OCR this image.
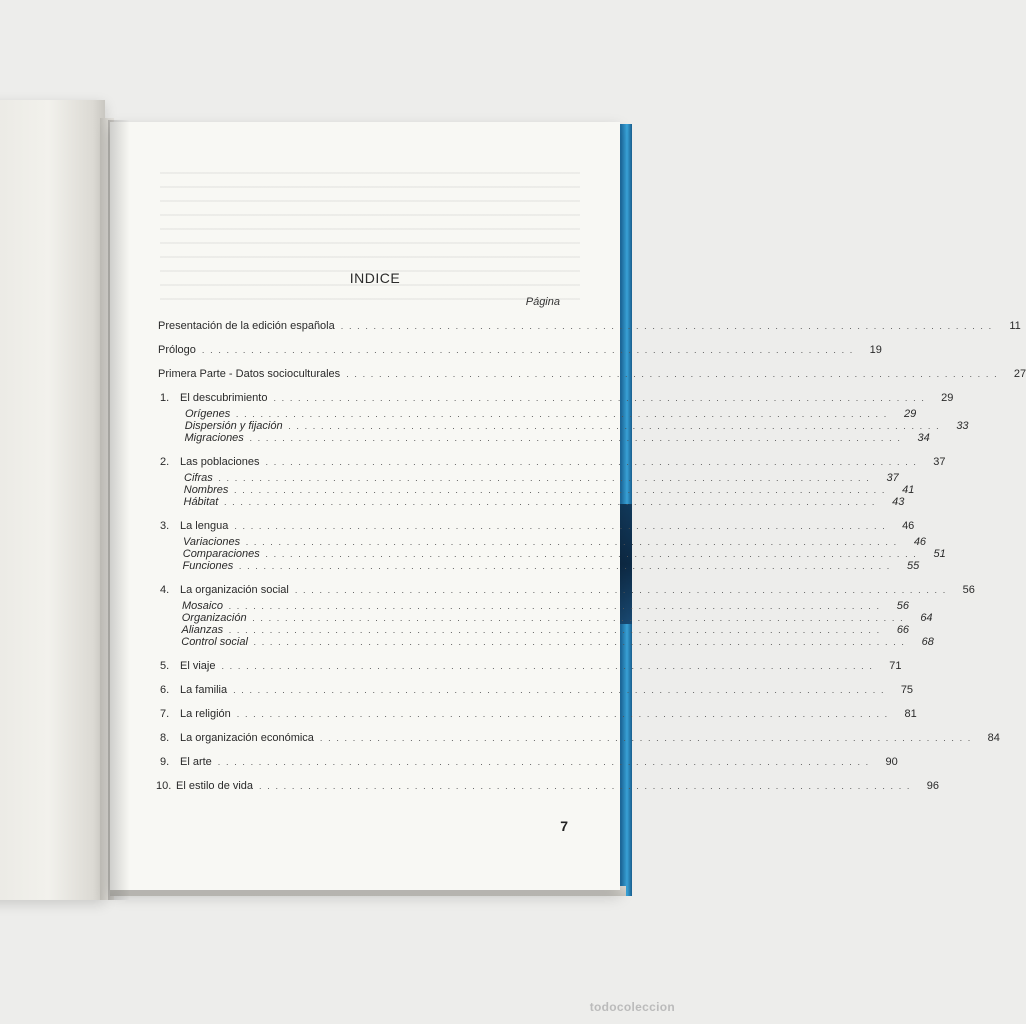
INDICE
Página
Presentación de la edición española . . . . . . . . . . . . . . . . . . . . . . . . . . . . . . . . . . . . . . . . . . . . . . . . . . . . . . . . . . . . . . . . . . . . . . . . . . . . . . . .	11
Prólogo . . . . . . . . . . . . . . . . . . . . . . . . . . . . . . . . . . . . . . . . . . . . . . . . . . . . . . . . . . . . . . . . . . . . . . . . . . . . . . . .	19
Primera Parte - Datos socioculturales . . . . . . . . . . . . . . . . . . . . . . . . . . . . . . . . . . . . . . . . . . . . . . . . . . . . . . . . . . . . . . . . . . . . . . . . . . . . . . . .	27
1. El descubrimiento . . . . . . . . . . . . . . . . . . . . . . . . . . . . . . . . . . . . . . . . . . . . . . . . . . . . . . . . . . . . . . . . . . . . . . . . . . . . . . . .	29
Orígenes . . . . . . . . . . . . . . . . . . . . . . . . . . . . . . . . . . . . . . . . . . . . . . . . . . . . . . . . . . . . . . . . . . . . . . . . . . . . . . . .	29
Dispersión y fijación . . . . . . . . . . . . . . . . . . . . . . . . . . . . . . . . . . . . . . . . . . . . . . . . . . . . . . . . . . . . . . . . . . . . . . . . . . . . . . . .	33
Migraciones . . . . . . . . . . . . . . . . . . . . . . . . . . . . . . . . . . . . . . . . . . . . . . . . . . . . . . . . . . . . . . . . . . . . . . . . . . . . . . . .	34
2. Las poblaciones . . . . . . . . . . . . . . . . . . . . . . . . . . . . . . . . . . . . . . . . . . . . . . . . . . . . . . . . . . . . . . . . . . . . . . . . . . . . . . . .	37
Cifras . . . . . . . . . . . . . . . . . . . . . . . . . . . . . . . . . . . . . . . . . . . . . . . . . . . . . . . . . . . . . . . . . . . . . . . . . . . . . . . .	37
Nombres . . . . . . . . . . . . . . . . . . . . . . . . . . . . . . . . . . . . . . . . . . . . . . . . . . . . . . . . . . . . . . . . . . . . . . . . . . . . . . . .	41
Hábitat . . . . . . . . . . . . . . . . . . . . . . . . . . . . . . . . . . . . . . . . . . . . . . . . . . . . . . . . . . . . . . . . . . . . . . . . . . . . . . . .	43
3. La lengua . . . . . . . . . . . . . . . . . . . . . . . . . . . . . . . . . . . . . . . . . . . . . . . . . . . . . . . . . . . . . . . . . . . . . . . . . . . . . . . .	46
Variaciones . . . . . . . . . . . . . . . . . . . . . . . . . . . . . . . . . . . . . . . . . . . . . . . . . . . . . . . . . . . . . . . . . . . . . . . . . . . . . . . .	46
Comparaciones . . . . . . . . . . . . . . . . . . . . . . . . . . . . . . . . . . . . . . . . . . . . . . . . . . . . . . . . . . . . . . . . . . . . . . . . . . . . . . . .	51
Funciones . . . . . . . . . . . . . . . . . . . . . . . . . . . . . . . . . . . . . . . . . . . . . . . . . . . . . . . . . . . . . . . . . . . . . . . . . . . . . . . .	55
4. La organización social . . . . . . . . . . . . . . . . . . . . . . . . . . . . . . . . . . . . . . . . . . . . . . . . . . . . . . . . . . . . . . . . . . . . . . . . . . . . . . . .	56
Mosaico . . . . . . . . . . . . . . . . . . . . . . . . . . . . . . . . . . . . . . . . . . . . . . . . . . . . . . . . . . . . . . . . . . . . . . . . . . . . . . . .	56
Organización . . . . . . . . . . . . . . . . . . . . . . . . . . . . . . . . . . . . . . . . . . . . . . . . . . . . . . . . . . . . . . . . . . . . . . . . . . . . . . . .	64
Alianzas . . . . . . . . . . . . . . . . . . . . . . . . . . . . . . . . . . . . . . . . . . . . . . . . . . . . . . . . . . . . . . . . . . . . . . . . . . . . . . . .	66
Control social . . . . . . . . . . . . . . . . . . . . . . . . . . . . . . . . . . . . . . . . . . . . . . . . . . . . . . . . . . . . . . . . . . . . . . . . . . . . . . . .	68
5. El viaje . . . . . . . . . . . . . . . . . . . . . . . . . . . . . . . . . . . . . . . . . . . . . . . . . . . . . . . . . . . . . . . . . . . . . . . . . . . . . . . .	71
6. La familia . . . . . . . . . . . . . . . . . . . . . . . . . . . . . . . . . . . . . . . . . . . . . . . . . . . . . . . . . . . . . . . . . . . . . . . . . . . . . . . .	75
7. La religión . . . . . . . . . . . . . . . . . . . . . . . . . . . . . . . . . . . . . . . . . . . . . . . . . . . . . . . . . . . . . . . . . . . . . . . . . . . . . . . .	81
8. La organización económica . . . . . . . . . . . . . . . . . . . . . . . . . . . . . . . . . . . . . . . . . . . . . . . . . . . . . . . . . . . . . . . . . . . . . . . . . . . . . . . .	84
9. El arte . . . . . . . . . . . . . . . . . . . . . . . . . . . . . . . . . . . . . . . . . . . . . . . . . . . . . . . . . . . . . . . . . . . . . . . . . . . . . . . .	90
10. El estilo de vida . . . . . . . . . . . . . . . . . . . . . . . . . . . . . . . . . . . . . . . . . . . . . . . . . . . . . . . . . . . . . . . . . . . . . . . . . . . . . . . .	96
7
todocoleccion
